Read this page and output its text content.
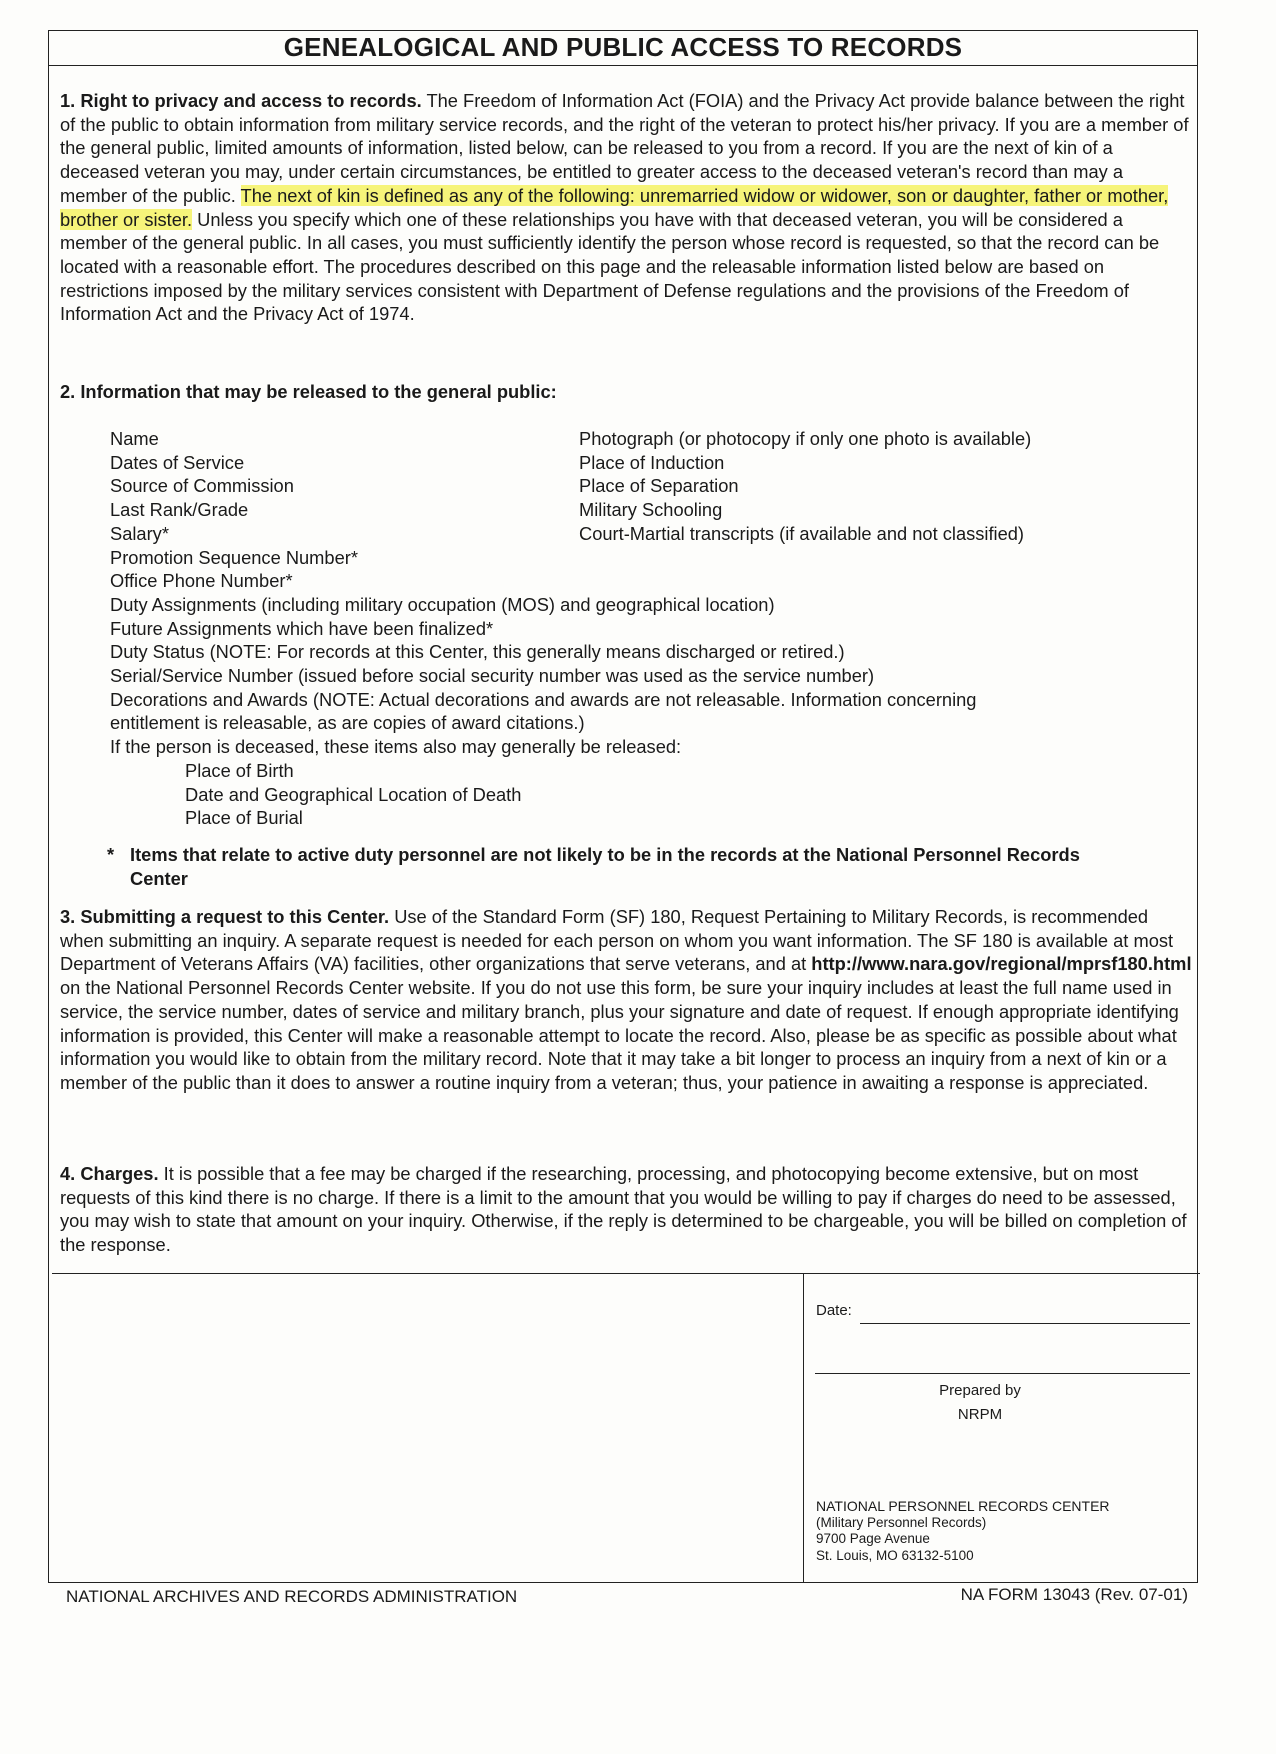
GENEALOGICAL AND PUBLIC ACCESS TO RECORDS

1. Right to privacy and access to records. The Freedom of Information Act (FOIA) and the Privacy Act provide balance between the right of the public to obtain information from military service records, and the right of the veteran to protect his/her privacy. If you are a member of the general public, limited amounts of information, listed below, can be released to you from a record. If you are the next of kin of a deceased veteran you may, under certain circumstances, be entitled to greater access to the deceased veteran's record than may a member of the public. The next of kin is defined as any of the following: unremarried widow or widower, son or daughter, father or mother, brother or sister. Unless you specify which one of these relationships you have with that deceased veteran, you will be considered a member of the general public. In all cases, you must sufficiently identify the person whose record is requested, so that the record can be located with a reasonable effort. The procedures described on this page and the releasable information listed below are based on restrictions imposed by the military services consistent with Department of Defense regulations and the provisions of the Freedom of Information Act and the Privacy Act of 1974.

2. Information that may be released to the general public:
Name
Dates of Service
Source of Commission
Last Rank/Grade
Salary*
Promotion Sequence Number*
Office Phone Number*
Duty Assignments (including military occupation (MOS) and geographical location)
Future Assignments which have been finalized*
Duty Status (NOTE: For records at this Center, this generally means discharged or retired.)
Serial/Service Number (issued before social security number was used as the service number)
Decorations and Awards (NOTE: Actual decorations and awards are not releasable. Information concerning
entitlement is releasable, as are copies of award citations.)
If the person is deceased, these items also may generally be released:
Place of Birth
Date and Geographical Location of Death
Place of Burial
Photograph (or photocopy if only one photo is available)
Place of Induction
Place of Separation
Military Schooling
Court-Martial transcripts (if available and not classified)
* Items that relate to active duty personnel are not likely to be in the records at the National Personnel Records Center

3. Submitting a request to this Center. Use of the Standard Form (SF) 180, Request Pertaining to Military Records, is recommended when submitting an inquiry. A separate request is needed for each person on whom you want information. The SF 180 is available at most Department of Veterans Affairs (VA) facilities, other organizations that serve veterans, and at http://www.nara.gov/regional/mprsf180.html on the National Personnel Records Center website. If you do not use this form, be sure your inquiry includes at least the full name used in service, the service number, dates of service and military branch, plus your signature and date of request. If enough appropriate identifying information is provided, this Center will make a reasonable attempt to locate the record. Also, please be as specific as possible about what information you would like to obtain from the military record. Note that it may take a bit longer to process an inquiry from a next of kin or a member of the public than it does to answer a routine inquiry from a veteran; thus, your patience in awaiting a response is appreciated.

4. Charges. It is possible that a fee may be charged if the researching, processing, and photocopying become extensive, but on most requests of this kind there is no charge. If there is a limit to the amount that you would be willing to pay if charges do need to be assessed, you may wish to state that amount on your inquiry. Otherwise, if the reply is determined to be chargeable, you will be billed on completion of the response.

Date:
Prepared by
NRPM
NATIONAL PERSONNEL RECORDS CENTER
(Military Personnel Records)
9700 Page Avenue
St. Louis, MO 63132-5100
NATIONAL ARCHIVES AND RECORDS ADMINISTRATION	NA FORM 13043 (Rev. 07-01)
